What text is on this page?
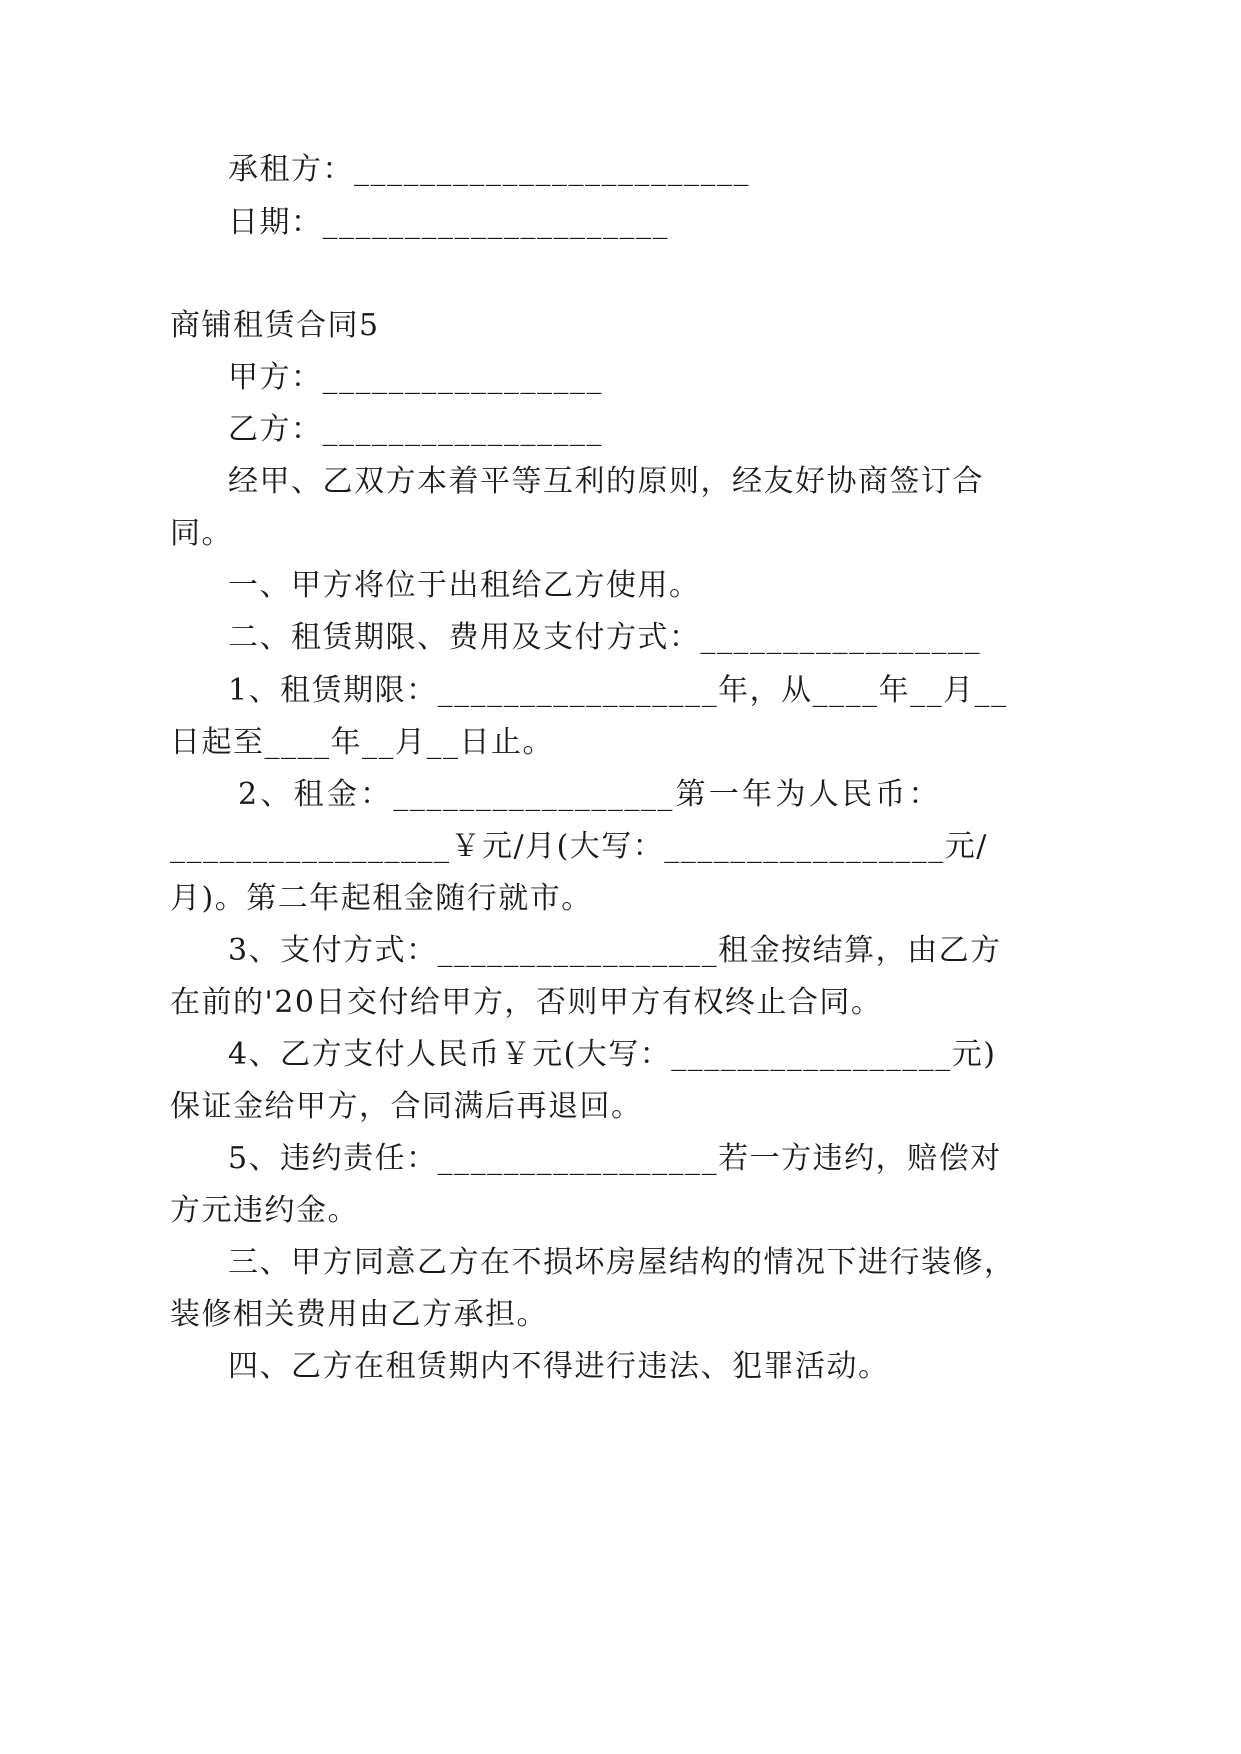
承租方：________________________
日期：_____________________
商铺租赁合同5
甲方：_________________
乙方：_________________
经甲、乙双方本着平等互利的原则，经友好协商签订合
同。
一、甲方将位于出租给乙方使用。
二、租赁期限、费用及支付方式：_________________
1、租赁期限：_________________年，从____年__月__
日起至____年__月__日止。
2、租金：_________________第一年为人民币：
_________________￥元/月(大写：_________________元/
月)。第二年起租金随行就市。
3、支付方式：_________________租金按结算，由乙方
在前的'20日交付给甲方，否则甲方有权终止合同。
4、乙方支付人民币￥元(大写：_________________元)
保证金给甲方，合同满后再退回。
5、违约责任：_________________若一方违约，赔偿对
方元违约金。
三、甲方同意乙方在不损坏房屋结构的情况下进行装修，
装修相关费用由乙方承担。
四、乙方在租赁期内不得进行违法、犯罪活动。
